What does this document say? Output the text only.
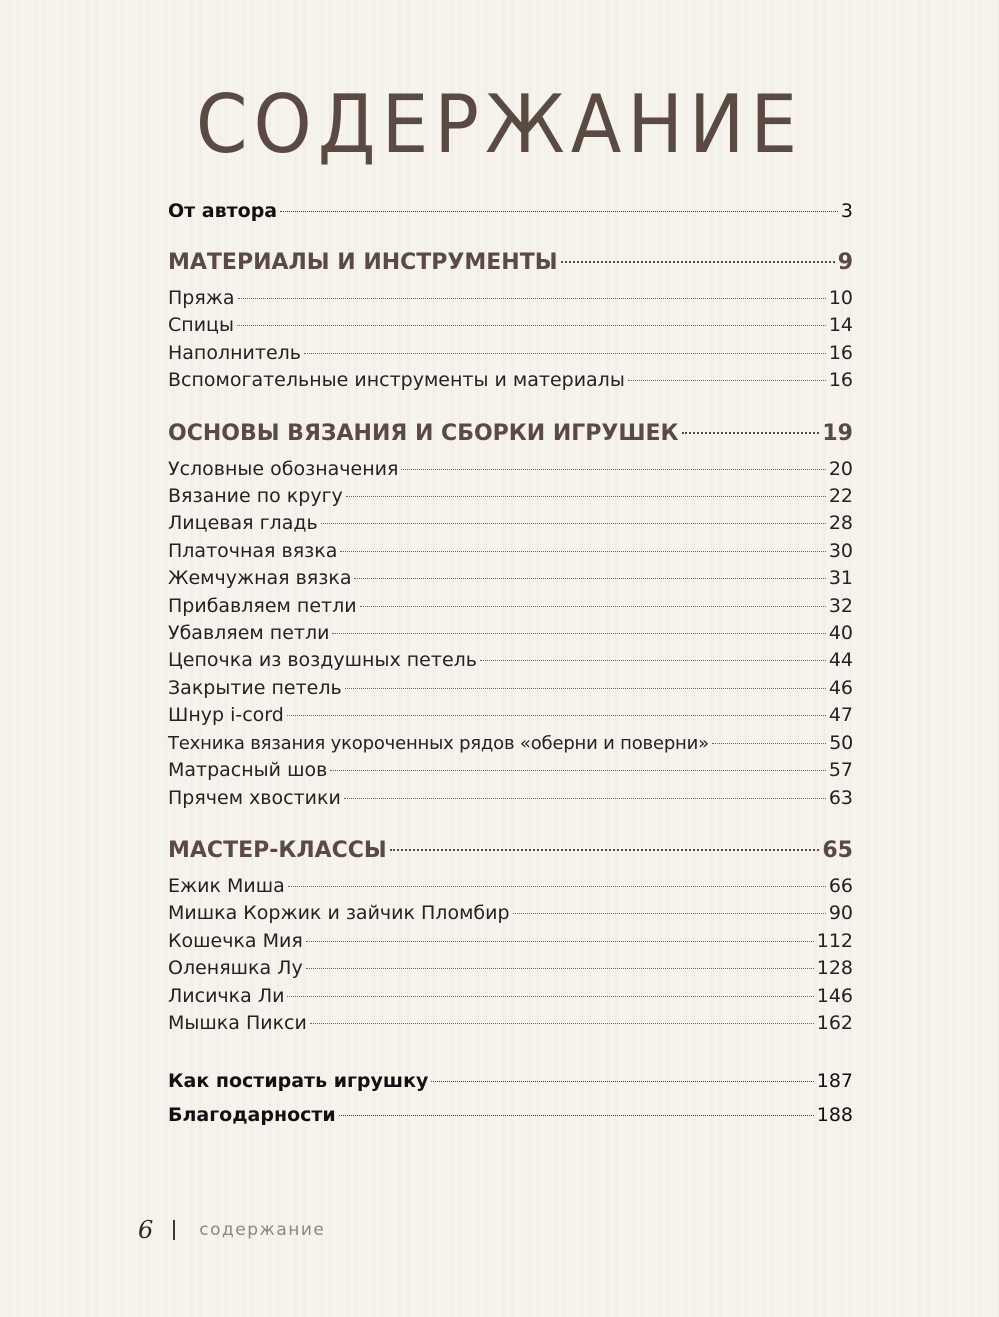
СОДЕРЖАНИЕ
От автора	3
МАТЕРИАЛЫ И ИНСТРУМЕНТЫ	9
Пряжа	10
Спицы	14
Наполнитель	16
Вспомогательные инструменты и материалы	16
ОСНОВЫ ВЯЗАНИЯ И СБОРКИ ИГРУШЕК	19
Условные обозначения	20
Вязание по кругу	22
Лицевая гладь	28
Платочная вязка	30
Жемчужная вязка	31
Прибавляем петли	32
Убавляем петли	40
Цепочка из воздушных петель	44
Закрытие петель	46
Шнур i-cord	47
Техника вязания укороченных рядов «оберни и поверни»	50
Матрасный шов	57
Прячем хвостики	63
МАСТЕР-КЛАССЫ	65
Ежик Миша	66
Мишка Коржик и зайчик Пломбир	90
Кошечка Мия	112
Оленяшка Лу	128
Лисичка Ли	146
Мышка Пикси	162
Как постирать игрушку	187
Благодарности	188
6	содержание
